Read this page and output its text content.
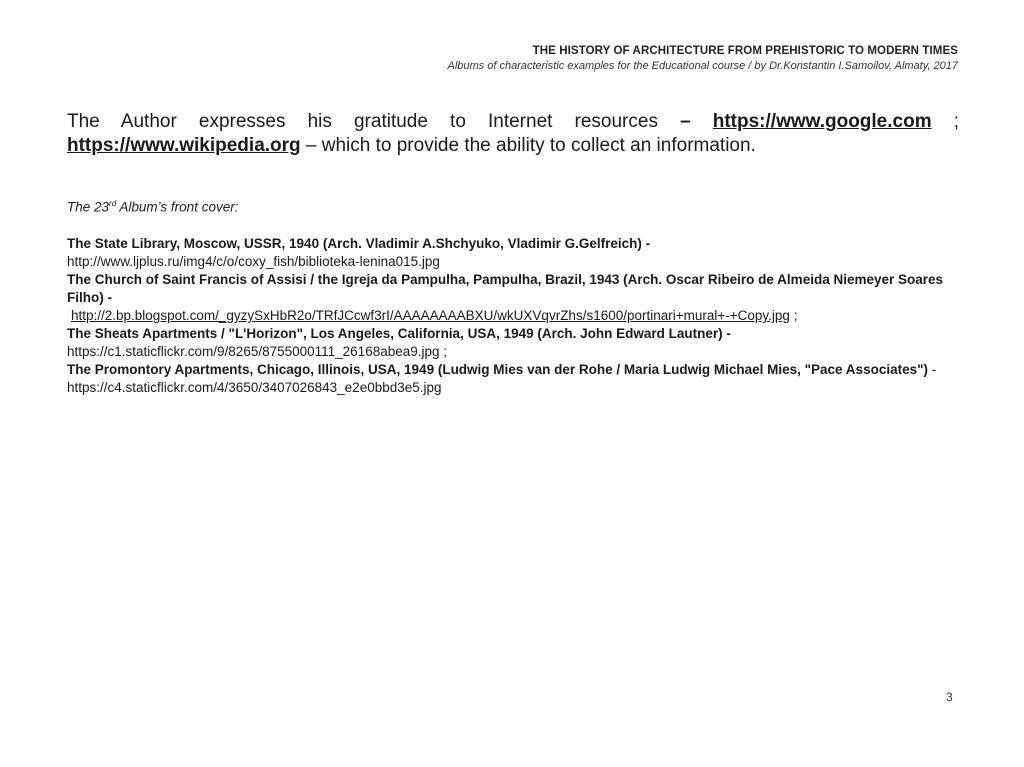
THE HISTORY OF ARCHITECTURE FROM PREHISTORIC TO MODERN TIMES
Albums of characteristic examples for the Educational course / by Dr.Konstantin I.Samoilov, Almaty, 2017
The Author expresses his gratitude to Internet resources – https://www.google.com ; https://www.wikipedia.org – which to provide the ability to collect an information.
The 23rd Album’s front cover:
The State Library, Moscow, USSR, 1940 (Arch. Vladimir A.Shchyuko, Vladimir G.Gelfreich) -
http://www.ljplus.ru/img4/c/o/coxy_fish/biblioteka-lenina015.jpg
The Church of Saint Francis of Assisi / the Igreja da Pampulha, Pampulha, Brazil, 1943 (Arch. Oscar Ribeiro de Almeida Niemeyer Soares Filho) -
http://2.bp.blogspot.com/_gyzySxHbR2o/TRfJCcwf3rI/AAAAAAAABXU/wkUXVqvrZhs/s1600/portinari+mural+-+Copy.jpg ;
The Sheats Apartments / "L'Horizon", Los Angeles, California, USA, 1949 (Arch. John Edward Lautner) -
https://c1.staticflickr.com/9/8265/8755000111_26168abea9.jpg ;
The Promontory Apartments, Chicago, Illinois, USA, 1949 (Ludwig Mies van der Rohe / Maria Ludwig Michael Mies, "Pace Associates") - https://c4.staticflickr.com/4/3650/3407026843_e2e0bbd3e5.jpg
3
